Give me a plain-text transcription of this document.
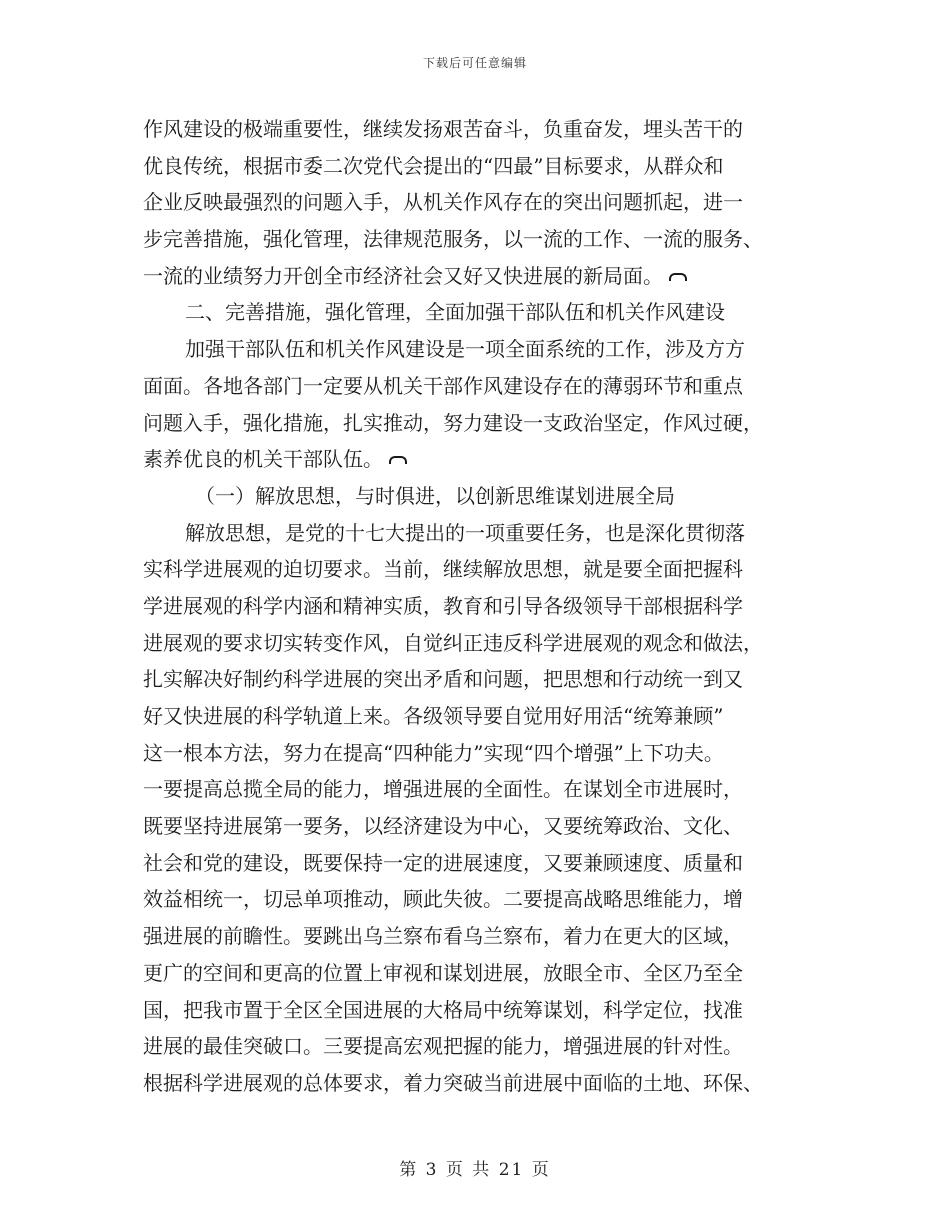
下载后可任意编辑
作风建设的极端重要性，继续发扬艰苦奋斗，负重奋发，埋头苦干的
优良传统，根据市委二次党代会提出的“四最”目标要求，从群众和
企业反映最强烈的问题入手，从机关作风存在的突出问题抓起，进一
步完善措施，强化管理，法律规范服务，以一流的工作、一流的服务、
一流的业绩努力开创全市经济社会又好又快进展的新局面。
二、完善措施，强化管理，全面加强干部队伍和机关作风建设
加强干部队伍和机关作风建设是一项全面系统的工作，涉及方方
面面。各地各部门一定要从机关干部作风建设存在的薄弱环节和重点
问题入手，强化措施，扎实推动，努力建设一支政治坚定，作风过硬，
素养优良的机关干部队伍。
（一）解放思想，与时俱进，以创新思维谋划进展全局
解放思想，是党的十七大提出的一项重要任务，也是深化贯彻落
实科学进展观的迫切要求。当前，继续解放思想，就是要全面把握科
学进展观的科学内涵和精神实质，教育和引导各级领导干部根据科学
进展观的要求切实转变作风，自觉纠正违反科学进展观的观念和做法，
扎实解决好制约科学进展的突出矛盾和问题，把思想和行动统一到又
好又快进展的科学轨道上来。各级领导要自觉用好用活“统筹兼顾”
这一根本方法，努力在提高“四种能力”实现“四个增强”上下功夫。
一要提高总揽全局的能力，增强进展的全面性。在谋划全市进展时，
既要坚持进展第一要务，以经济建设为中心，又要统筹政治、文化、
社会和党的建设，既要保持一定的进展速度，又要兼顾速度、质量和
效益相统一，切忌单项推动，顾此失彼。二要提高战略思维能力，增
强进展的前瞻性。要跳出乌兰察布看乌兰察布，着力在更大的区域，
更广的空间和更高的位置上审视和谋划进展，放眼全市、全区乃至全
国，把我市置于全区全国进展的大格局中统筹谋划，科学定位，找准
进展的最佳突破口。三要提高宏观把握的能力，增强进展的针对性。
根据科学进展观的总体要求，着力突破当前进展中面临的土地、环保、
第 3 页 共 21 页
